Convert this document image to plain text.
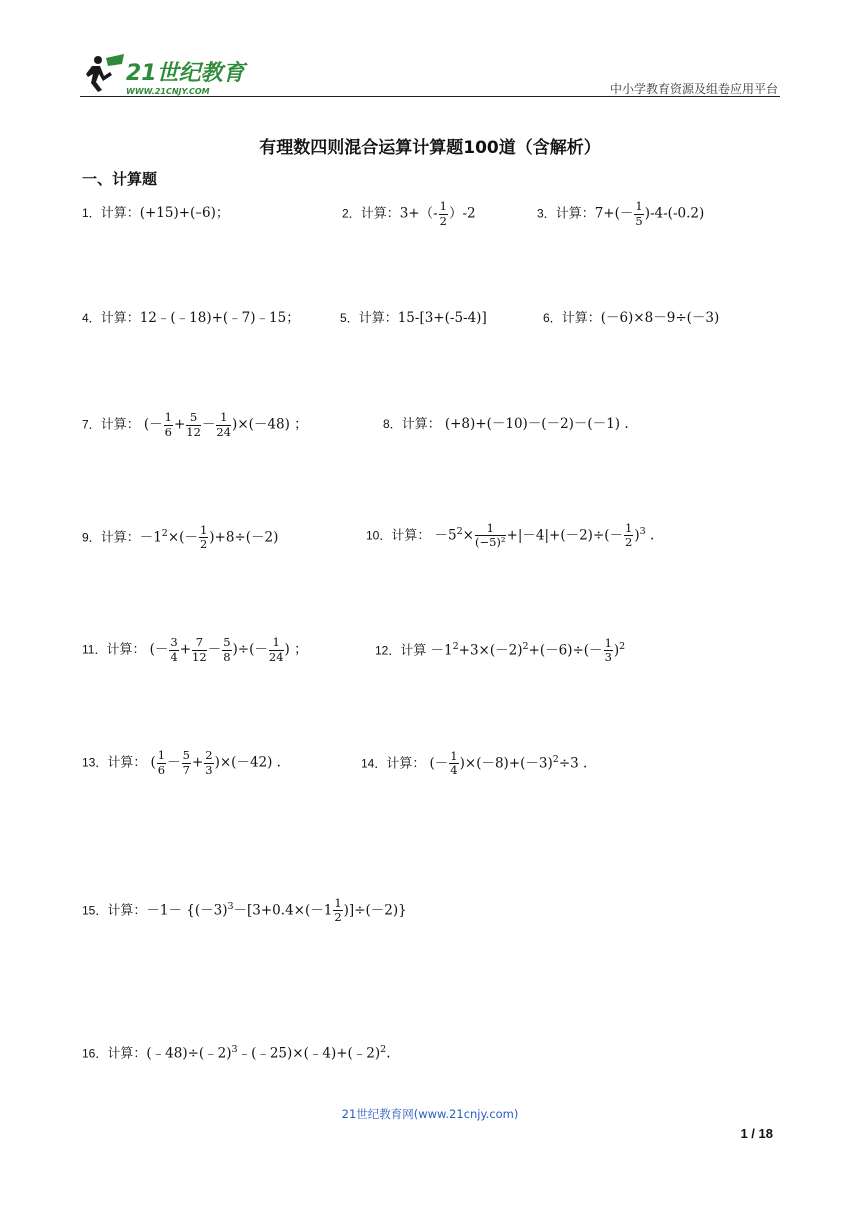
21世纪教育
WWW.21CNJY.COM	中小学教育资源及组卷应用平台
有理数四则混合运算计算题100道（含解析）
一、计算题
1．计算：(+15)+(–6)；	2．计算：$3+(- \frac{1}{2} )-2$	3．计算：$7+(- \frac{1}{5} )-4-(-0.2)$
4．计算：12﹣(﹣18)+(﹣7)﹣15；	5．计算：15-[3+(-5-4)]	6．计算：(－6)×8－9÷(－3)
7．计算： (－ $\frac{1}{6} + \frac{5}{12} - \frac{1}{24} )\times(-48)$ ；	8．计算： (+8)+(－10)－(－2)－(－1) .
9．计算：$-1^2\times(- \frac{1}{2} )+8\div(-2)$	10．计算： $-5^2\times \frac{1}{\text{(−5)²}} +|-4|+(-2)\div(- \frac{1}{2} )^3$ .
11．计算： (－ $\frac{3}{4} + \frac{7}{12} - \frac{5}{8}$ )÷(－ $\frac{1}{24}$ ) ；	12．计算 $-1^2+3\times(-2)^2+(-6)\div(- \frac{1}{3} )^2$
13．计算： ( $\frac{1}{6} - \frac{5}{7} + \frac{2}{3} )\times(-42)$ .	14．计算： (－ $\frac{1}{4} )\times(-8)+(-3)^2\div 3$ .
15．计算：$-1- \{(-3)^3-[3+0.4\times(-1 \frac{1}{2} )]\div(-2)\}$
16．计算：(﹣48)÷(﹣2)$^3$﹣(﹣25)×(﹣4)+(﹣2)$^2$.
21世纪教育网(www.21cnjy.com)
1 / 18
